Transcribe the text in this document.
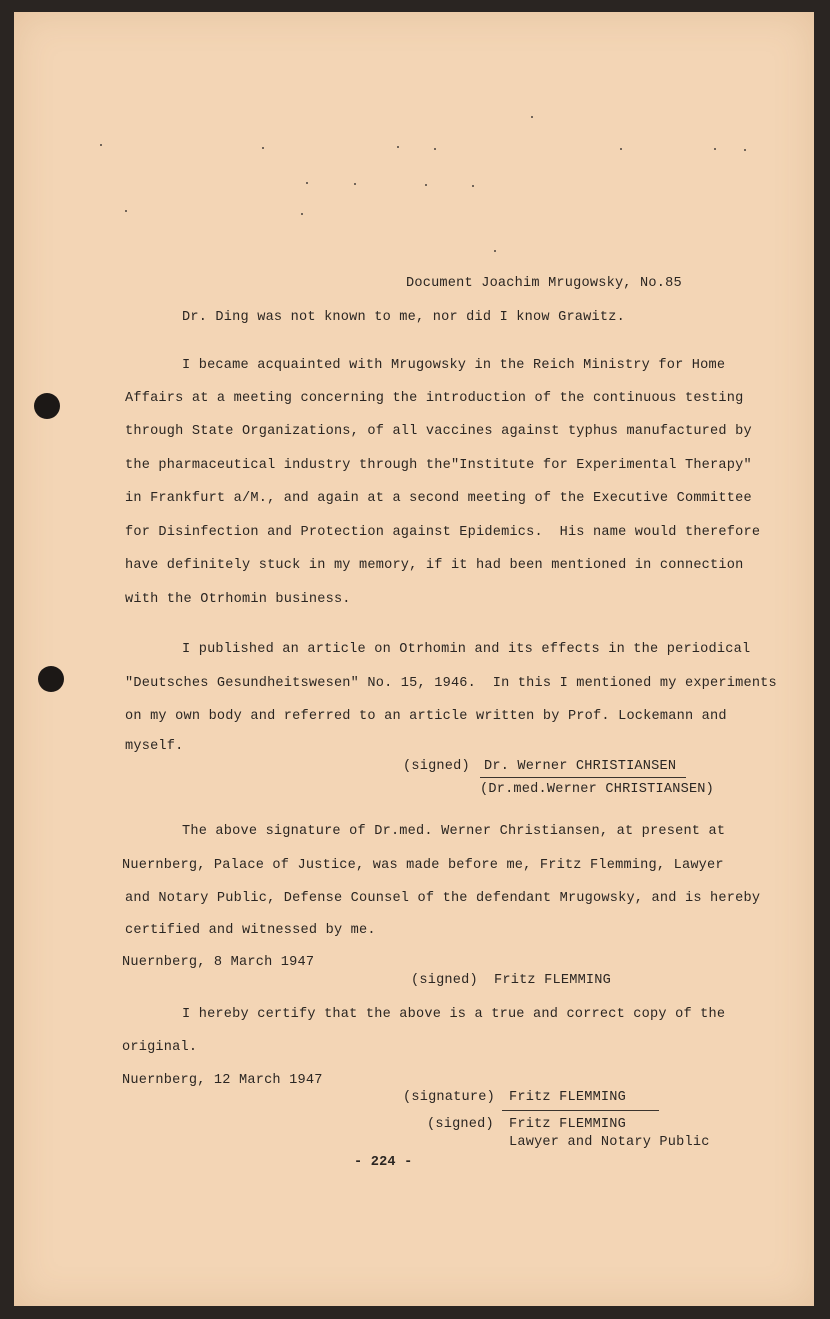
Document Joachim Mrugowsky, No.85
Dr. Ding was not known to me, nor did I know Grawitz.
I became acquainted with Mrugowsky in the Reich Ministry for Home
Affairs at a meeting concerning the introduction of the continuous testing
through State Organizations, of all vaccines against typhus manufactured by
the pharmaceutical industry through the"Institute for Experimental Therapy"
in Frankfurt a/M., and again at a second meeting of the Executive Committee
for Disinfection and Protection against Epidemics.  His name would therefore
have definitely stuck in my memory, if it had been mentioned in connection
with the Otrhomin business.
I published an article on Otrhomin and its effects in the periodical
"Deutsches Gesundheitswesen" No. 15, 1946.  In this I mentioned my experiments
on my own body and referred to an article written by Prof. Lockemann and
myself.
(signed) Dr. Werner CHRISTIANSEN
(Dr.med.Werner CHRISTIANSEN)
The above signature of Dr.med. Werner Christiansen, at present at
Nuernberg, Palace of Justice, was made before me, Fritz Flemming, Lawyer
and Notary Public, Defense Counsel of the defendant Mrugowsky, and is hereby
certified and witnessed by me.
Nuernberg, 8 March 1947
(signed) Fritz FLEMMING
I hereby certify that the above is a true and correct copy of the
original.
Nuernberg, 12 March 1947
(signature) Fritz FLEMMING
(signed) Fritz FLEMMING
Lawyer and Notary Public
- 224 -
